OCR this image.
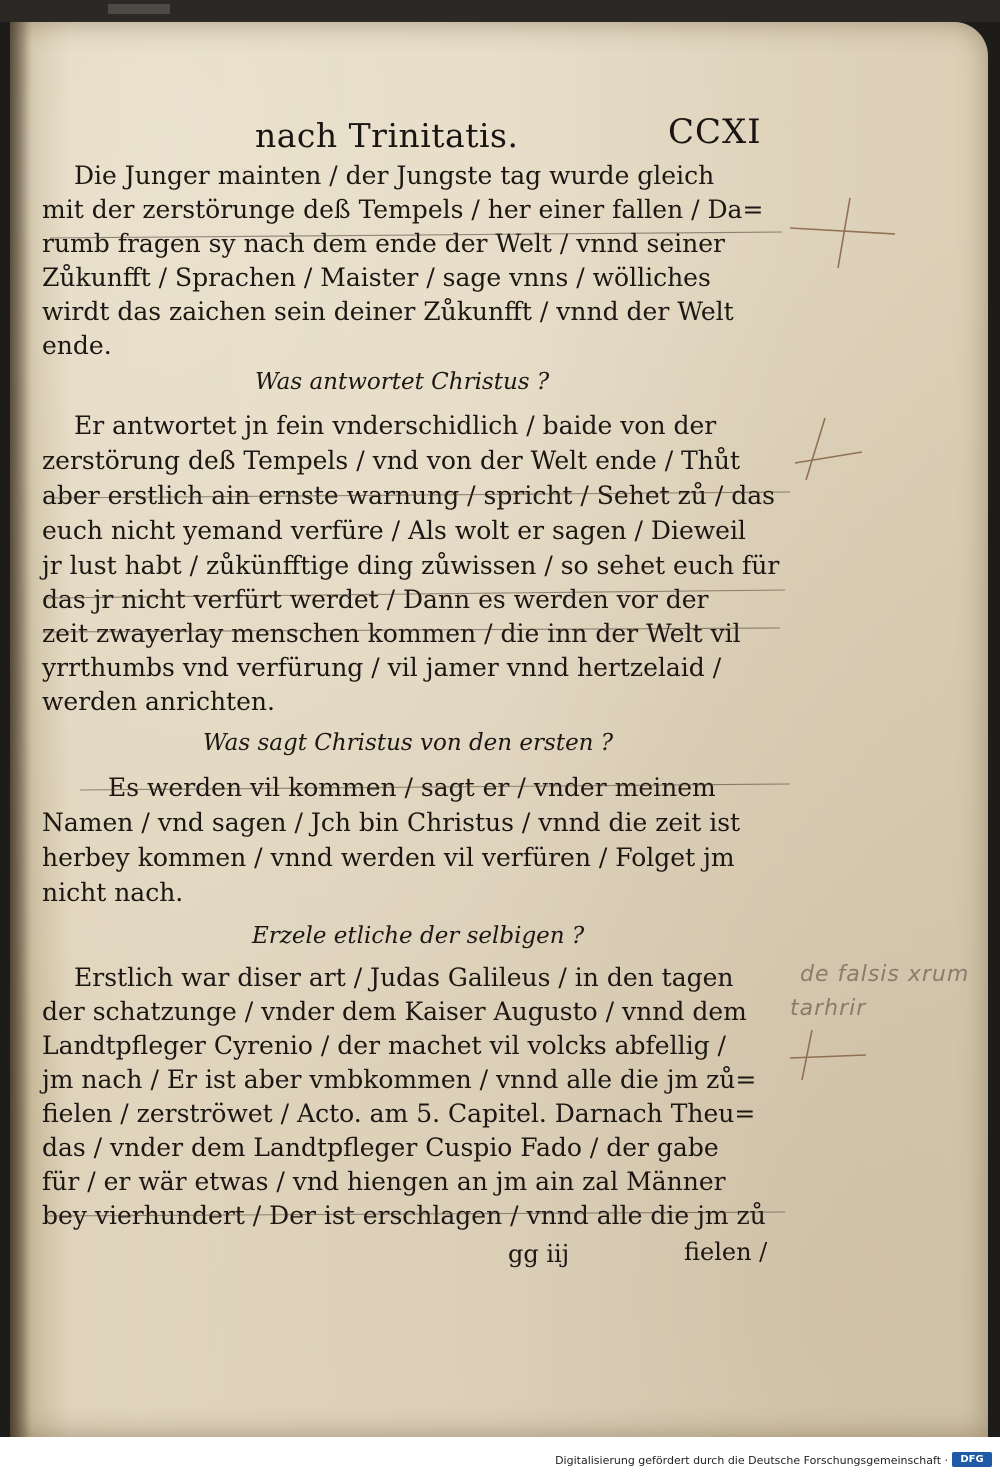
nach Trinitatis.	CCXI
Die Junger mainten / der Jungste tag wurde gleich
mit der zerstörunge deß Tempels / her einer fallen / Da=
rumb fragen sy nach dem ende der Welt / vnnd seiner
Zůkunfft / Sprachen / Maister / sage vnns / wölliches
wirdt das zaichen sein deiner Zůkunfft / vnnd der Welt
ende.
Was antwortet Christus ?
Er antwortet jn fein vnderschidlich / baide von der
zerstörung deß Tempels / vnd von der Welt ende / Thůt
aber erstlich ain ernste warnung / spricht / Sehet zů / das
euch nicht yemand verfüre / Als wolt er sagen / Dieweil
jr lust habt / zůkünfftige ding zůwissen / so sehet euch für
das jr nicht verfürt werdet / Dann es werden vor der
zeit zwayerlay menschen kommen / die inn der Welt vil
yrrthumbs vnd verfürung / vil jamer vnnd hertzelaid /
werden anrichten.
Was sagt Christus von den ersten ?
Es werden vil kommen / sagt er / vnder meinem
Namen / vnd sagen / Jch bin Christus / vnnd die zeit ist
herbey kommen / vnnd werden vil verfüren / Folget jm
nicht nach.
Erzele etliche der selbigen ?
Erstlich war diser art / Judas Galileus / in den tagen
der schatzunge / vnder dem Kaiser Augusto / vnnd dem
Landtpfleger Cyrenio / der machet vil volcks abfellig /
jm nach / Er ist aber vmbkommen / vnnd alle die jm zů=
fielen / zerströwet / Acto. am 5. Capitel. Darnach Theu=
das / vnder dem Landtpfleger Cuspio Fado / der gabe
für / er wär etwas / vnd hiengen an jm ain zal Männer
bey vierhundert / Der ist erschlagen / vnnd alle die jm zů
gg iij	fielen /
de falsis xrum
tarhrir
Digitalisierung gefördert durch die Deutsche Forschungsgemeinschaft ·	DFG
